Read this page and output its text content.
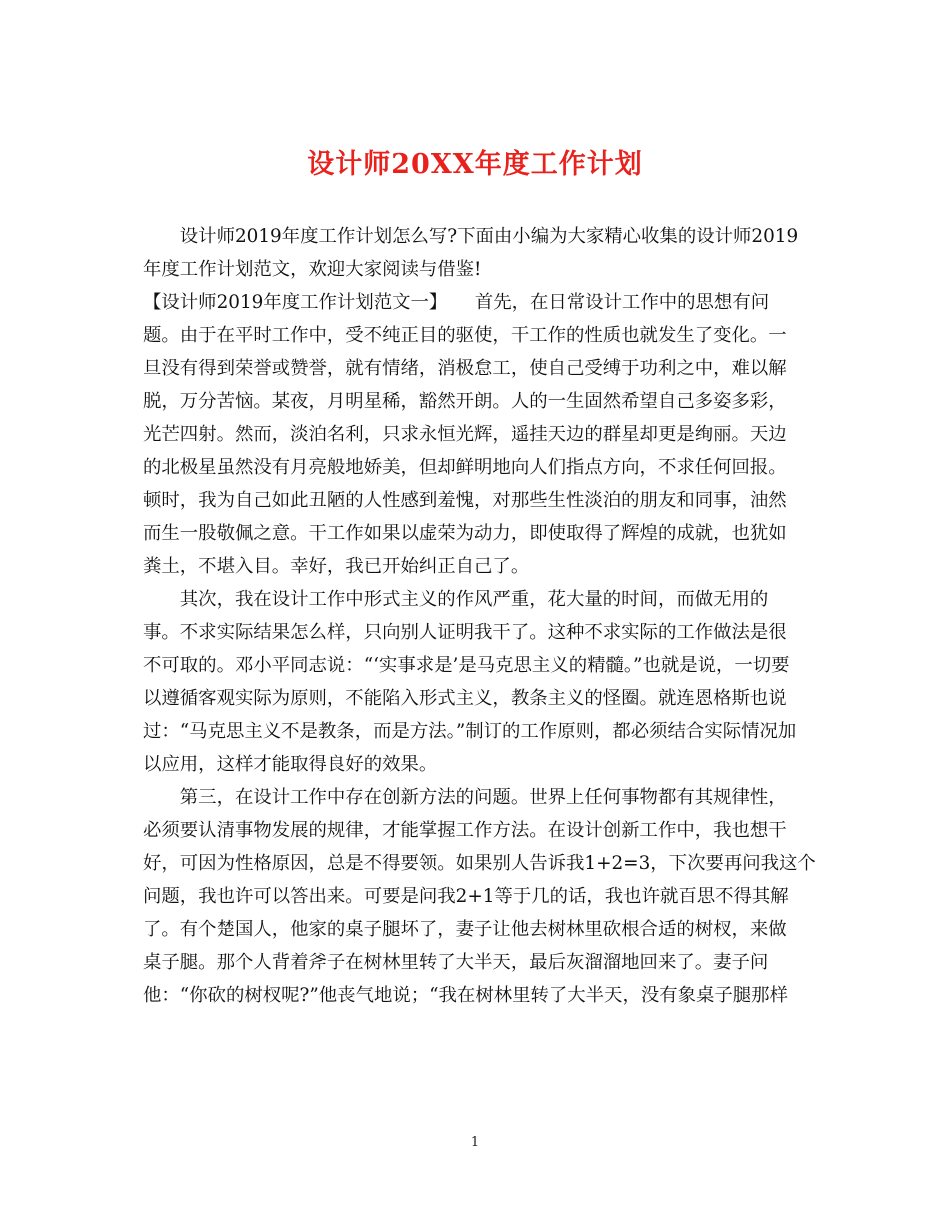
设计师20XX年度工作计划
　　设计师2019年度工作计划怎么写?下面由小编为大家精心收集的设计师2019
年度工作计划范文，欢迎大家阅读与借鉴!
【设计师2019年度工作计划范文一】　　首先，在日常设计工作中的思想有问
题。由于在平时工作中，受不纯正目的驱使，干工作的性质也就发生了变化。一
旦没有得到荣誉或赞誉，就有情绪，消极怠工，使自己受缚于功利之中，难以解
脱，万分苦恼。某夜，月明星稀，豁然开朗。人的一生固然希望自己多姿多彩，
光芒四射。然而，淡泊名利，只求永恒光辉，遥挂天边的群星却更是绚丽。天边
的北极星虽然没有月亮般地娇美，但却鲜明地向人们指点方向，不求任何回报。
顿时，我为自己如此丑陋的人性感到羞愧，对那些生性淡泊的朋友和同事，油然
而生一股敬佩之意。干工作如果以虚荣为动力，即使取得了辉煌的成就，也犹如
粪土，不堪入目。幸好，我已开始纠正自己了。
　　其次，我在设计工作中形式主义的作风严重，花大量的时间，而做无用的
事。不求实际结果怎么样，只向别人证明我干了。这种不求实际的工作做法是很
不可取的。邓小平同志说：“‘实事求是’是马克思主义的精髓。”也就是说，一切要
以遵循客观实际为原则，不能陷入形式主义，教条主义的怪圈。就连恩格斯也说
过：“马克思主义不是教条，而是方法。”制订的工作原则，都必须结合实际情况加
以应用，这样才能取得良好的效果。
　　第三，在设计工作中存在创新方法的问题。世界上任何事物都有其规律性，
必须要认清事物发展的规律，才能掌握工作方法。在设计创新工作中，我也想干
好，可因为性格原因，总是不得要领。如果别人告诉我1+2=3，下次要再问我这个
问题，我也许可以答出来。可要是问我2+1等于几的话，我也许就百思不得其解
了。有个楚国人，他家的桌子腿坏了，妻子让他去树林里砍根合适的树杈，来做
桌子腿。那个人背着斧子在树林里转了大半天，最后灰溜溜地回来了。妻子问
他：“你砍的树杈呢?”他丧气地说；“我在树林里转了大半天，没有象桌子腿那样
1
